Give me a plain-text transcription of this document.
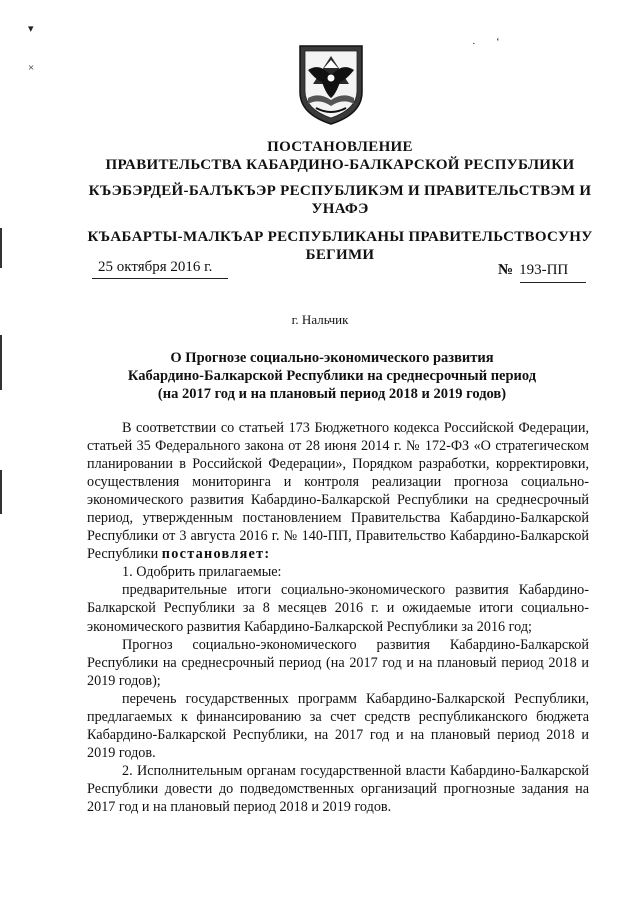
▾
×
· ‘
ПОСТАНОВЛЕНИЕ
ПРАВИТЕЛЬСТВА КАБАРДИНО-БАЛКАРСКОЙ РЕСПУБЛИКИ
КЪЭБЭРДЕЙ-БАЛЪКЪЭР РЕСПУБЛИКЭМ И ПРАВИТЕЛЬСТВЭМ И УНАФЭ
КЪАБАРТЫ-МАЛКЪАР РЕСПУБЛИКАНЫ ПРАВИТЕЛЬСТВОСУНУ БЕГИМИ
25 октября 2016 г.	№ 193-ПП
г. Нальчик
О Прогнозе социально-экономического развития
Кабардино-Балкарской Республики на среднесрочный период
(на 2017 год и на плановый период 2018 и 2019 годов)

В соответствии со статьей 173 Бюджетного кодекса Российской Федерации, статьей 35 Федерального закона от 28 июня 2014 г. № 172-ФЗ «О стратегическом планировании в Российской Федерации», Порядком разработки, корректировки, осуществления мониторинга и контроля реализации прогноза социально-экономического развития Кабардино-Балкарской Республики на среднесрочный период, утвержденным постановлением Правительства Кабардино-Балкарской Республики от 3 августа 2016 г. № 140-ПП, Правительство Кабардино-Балкарской Республики постановляет:

1. Одобрить прилагаемые:

предварительные итоги социально-экономического развития Кабардино-Балкарской Республики за 8 месяцев 2016 г. и ожидаемые итоги социально-экономического развития Кабардино-Балкарской Республики за 2016 год;

Прогноз социально-экономического развития Кабардино-Балкарской Республики на среднесрочный период (на 2017 год и на плановый период 2018 и 2019 годов);

перечень государственных программ Кабардино-Балкарской Республики, предлагаемых к финансированию за счет средств республиканского бюджета Кабардино-Балкарской Республики, на 2017 год и на плановый период 2018 и 2019 годов.

2. Исполнительным органам государственной власти Кабардино-Балкарской Республики довести до подведомственных организаций прогнозные задания на 2017 год и на плановый период 2018 и 2019 годов.
